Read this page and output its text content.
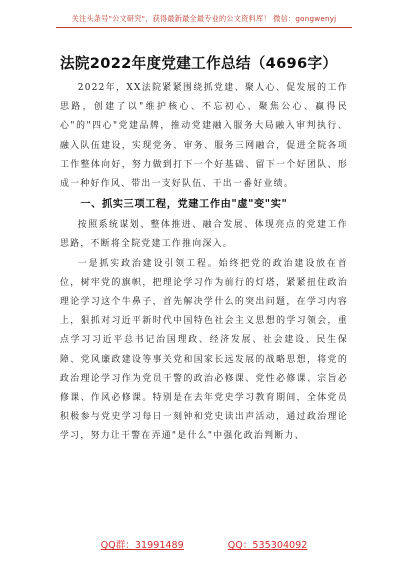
关注头条号"公文研究"，获得最新最全最专业的公文资料库！ 微信：gongwenyj
法院2022年度党建工作总结（4696字）

2022年，XX法院紧紧围绕抓党建、聚人心、促发展的工作思路，创建了以"维护核心、不忘初心、聚焦公心、赢得民心"的"四心"党建品牌，推动党建融入服务大局融入审判执行、融入队伍建设，实现党务、审务、服务三网融合，促进全院各项工作整体向好，努力做到打下一个好基础、留下一个好团队、形成一种好作风、带出一支好队伍、干出一番好业绩。

一、抓实三项工程，党建工作由"虚"变"实"

按照系统谋划、整体推进、融合发展、体现亮点的党建工作思路，不断将全院党建工作推向深入。

一是抓实政治建设引领工程。始终把党的政治建设放在首位，树牢党的旗帜，把理论学习作为前行的灯塔，紧紧扭住政治理论学习这个牛鼻子，首先解决学什么的突出问题，在学习内容上，狠抓对习近平新时代中国特色社会主义思想的学习领会，重点学习习近平总书记治国理政、经济发展、社会建设、民生保障、党风廉政建设等事关党和国家长远发展的战略思想，将党的政治理论学习作为党员干警的政治必修课、党性必修课、宗旨必修课、作风必修课。特别是在去年党史学习教育期间，全体党员积极参与党史学习每日一刻钟和党史读出声活动，通过政治理论学习，努力让干警在弄通"是什么"中强化政治判断力、

QQ群：31991489	QQ：535304092
